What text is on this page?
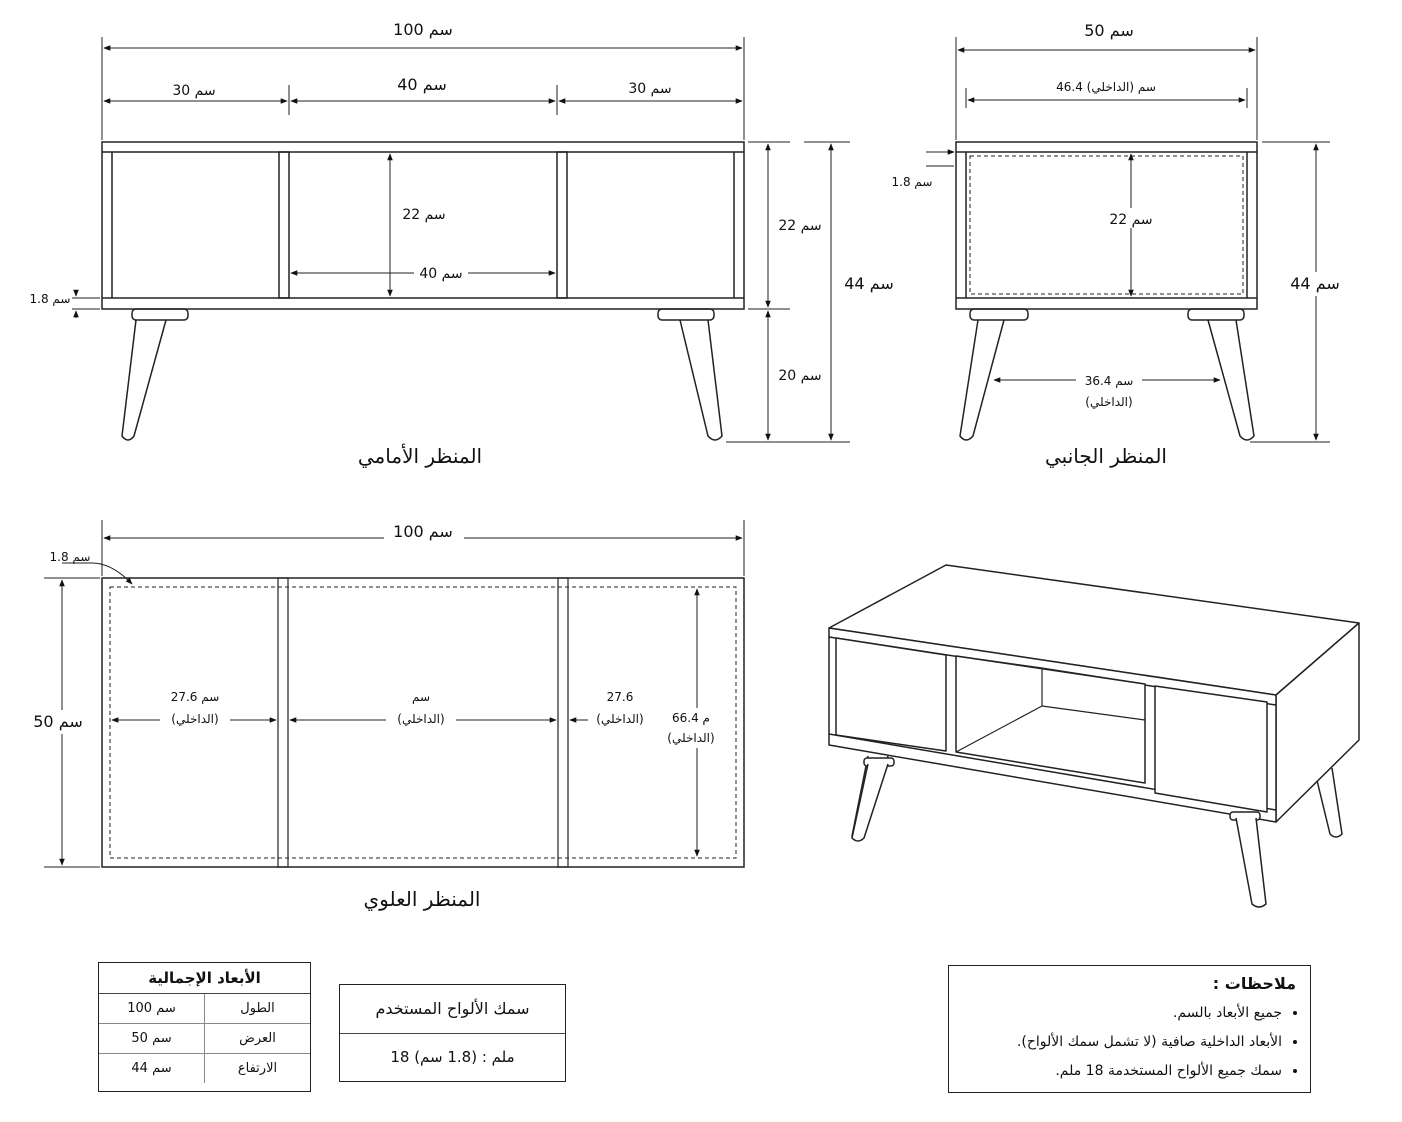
100 سم
30 سم	40 سم	30 سم
22 سم
40 سم
1.8 سم
22 سم
20 سم
44 سم
المنظر الأمامي
50 سم
46.4 سم (الداخلي)
1.8 سم
22 سم
36.4 سم
(الداخلي)
44 سم
المنظر الجانبي
100 سم
1.8 سم
27.6 سم
(الداخلي)
سم
(الداخلي)
27.6
(الداخلي) 66.4 م
(الداخلي)
50 سم
المنظر العلوي
الأبعاد الإجمالية
100 سم	الطول
50 سم	العرض
44 سم	الارتفاع
سمك الألواح المستخدم
18 ملم : (1.8 سم)
ملاحظات :
• جميع الأبعاد بالسم.
• الأبعاد الداخلية صافية (لا تشمل سمك الألواح).
• سمك جميع الألواح المستخدمة 18 ملم.
